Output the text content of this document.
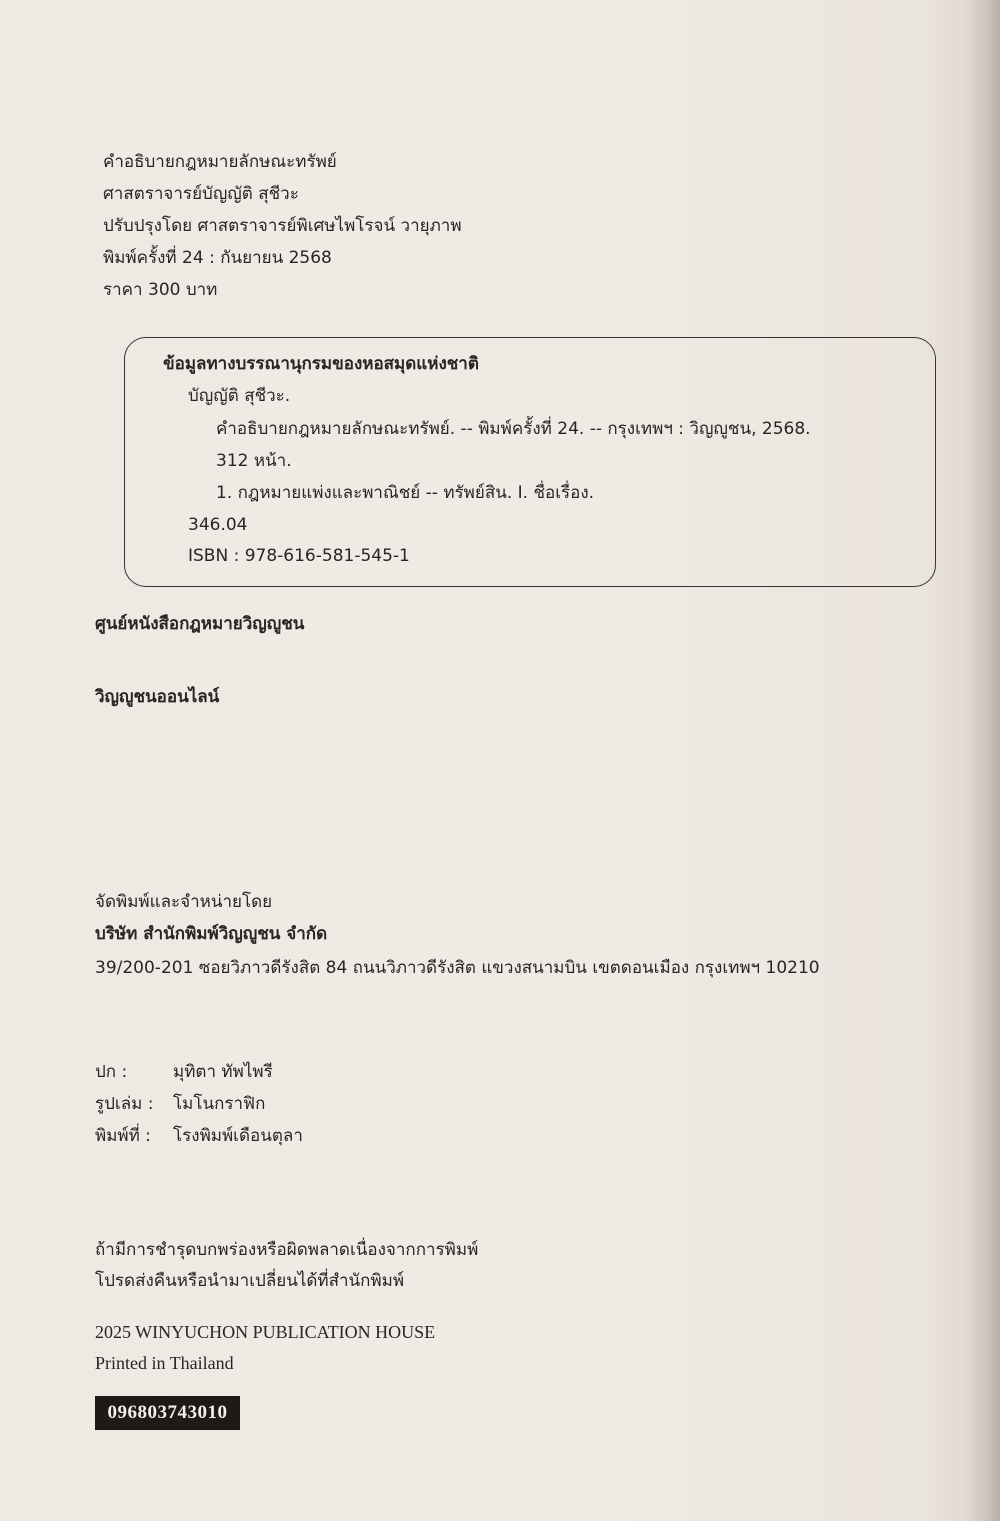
คำอธิบายกฎหมายลักษณะทรัพย์
ศาสตราจารย์บัญญัติ สุชีวะ
ปรับปรุงโดย ศาสตราจารย์พิเศษไพโรจน์ วายุภาพ
พิมพ์ครั้งที่ 24 : กันยายน 2568
ราคา 300 บาท
ข้อมูลทางบรรณานุกรมของหอสมุดแห่งชาติ
บัญญัติ สุชีวะ.
คำอธิบายกฎหมายลักษณะทรัพย์. -- พิมพ์ครั้งที่ 24. -- กรุงเทพฯ : วิญญูชน, 2568.
312 หน้า.
1. กฎหมายแพ่งและพาณิชย์ -- ทรัพย์สิน. I. ชื่อเรื่อง.
346.04
ISBN : 978-616-581-545-1
ศูนย์หนังสือกฎหมายวิญญูชน
วิญญูชนออนไลน์
จัดพิมพ์และจำหน่ายโดย
บริษัท สำนักพิมพ์วิญญูชน จำกัด
39/200-201 ซอยวิภาวดีรังสิต 84 ถนนวิภาวดีรังสิต แขวงสนามบิน เขตดอนเมือง กรุงเทพฯ 10210
ปก :	มุทิตา ทัพไพรี
รูปเล่ม : โมโนกราฟิก
พิมพ์ที่ : โรงพิมพ์เดือนตุลา
ถ้ามีการชำรุดบกพร่องหรือผิดพลาดเนื่องจากการพิมพ์
โปรดส่งคืนหรือนำมาเปลี่ยนได้ที่สำนักพิมพ์
2025 WINYUCHON PUBLICATION HOUSE
Printed in Thailand
096803743010
